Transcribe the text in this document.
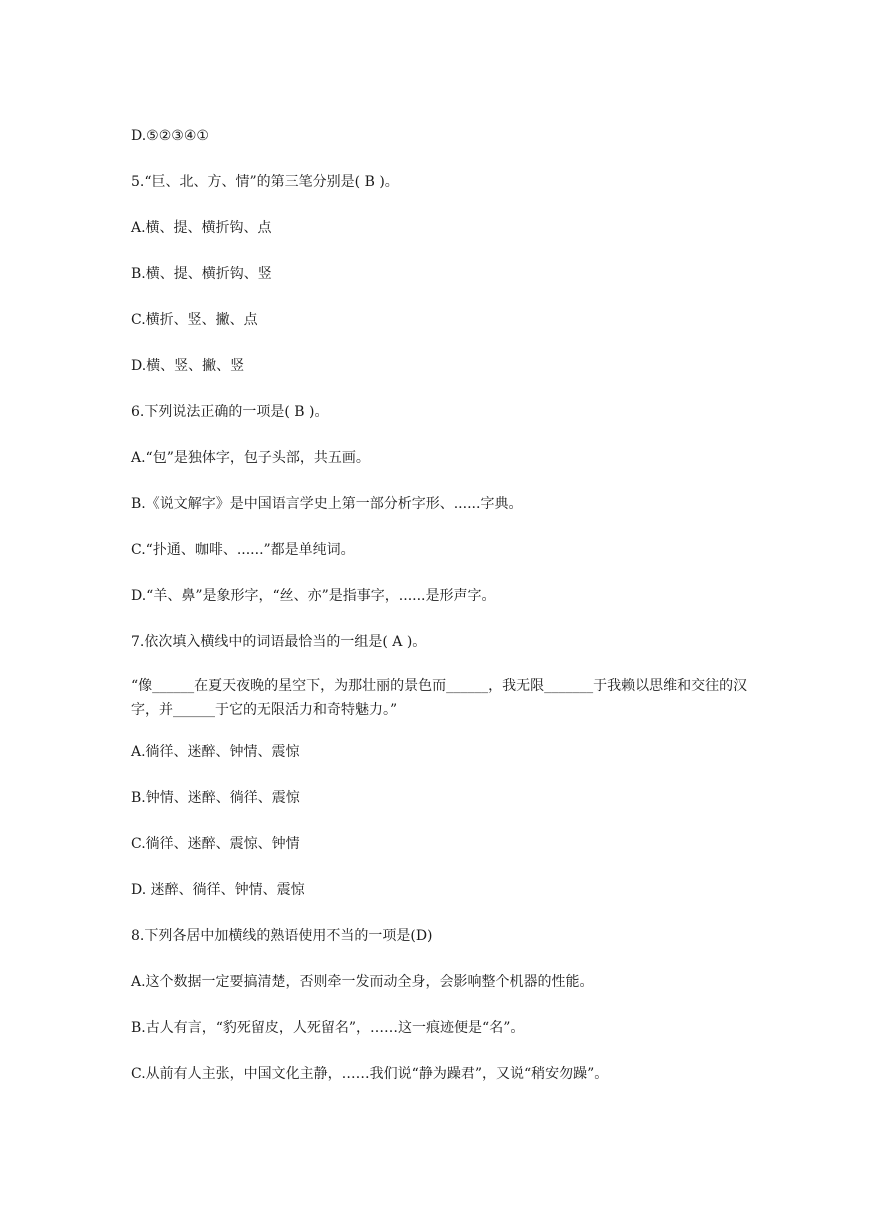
D.⑤②③④①
5.“巨、北、方、情”的第三笔分别是( B )。
A.横、提、横折钩、点
B.横、提、横折钩、竖
C.横折、竖、撇、点
D.横、竖、撇、竖
6.下列说法正确的一项是( B )。
A.“包”是独体字，包子头部，共五画。
B.《说文解字》是中国语言学史上第一部分析字形、......字典。
C.“扑通、咖啡、......”都是单纯词。
D.“羊、鼻”是象形字，“丝、亦”是指事字，......是形声字。
7.依次填入横线中的词语最恰当的一组是( A )。
“像______在夏天夜晚的星空下，为那壮丽的景色而______，我无限_______于我赖以思维和交往的汉字，并______于它的无限活力和奇特魅力。”
A.徜徉、迷醉、钟情、震惊
B.钟情、迷醉、徜徉、震惊
C.徜徉、迷醉、震惊、钟情
D. 迷醉、徜徉、钟情、震惊
8.下列各居中加横线的熟语使用不当的一项是(D)
A.这个数据一定要搞清楚，否则牵一发而动全身，会影响整个机器的性能。
B.古人有言，“豹死留皮，人死留名”，……这一痕迹便是“名”。
C.从前有人主张，中国文化主静，……我们说“静为躁君”，又说“稍安勿躁”。
